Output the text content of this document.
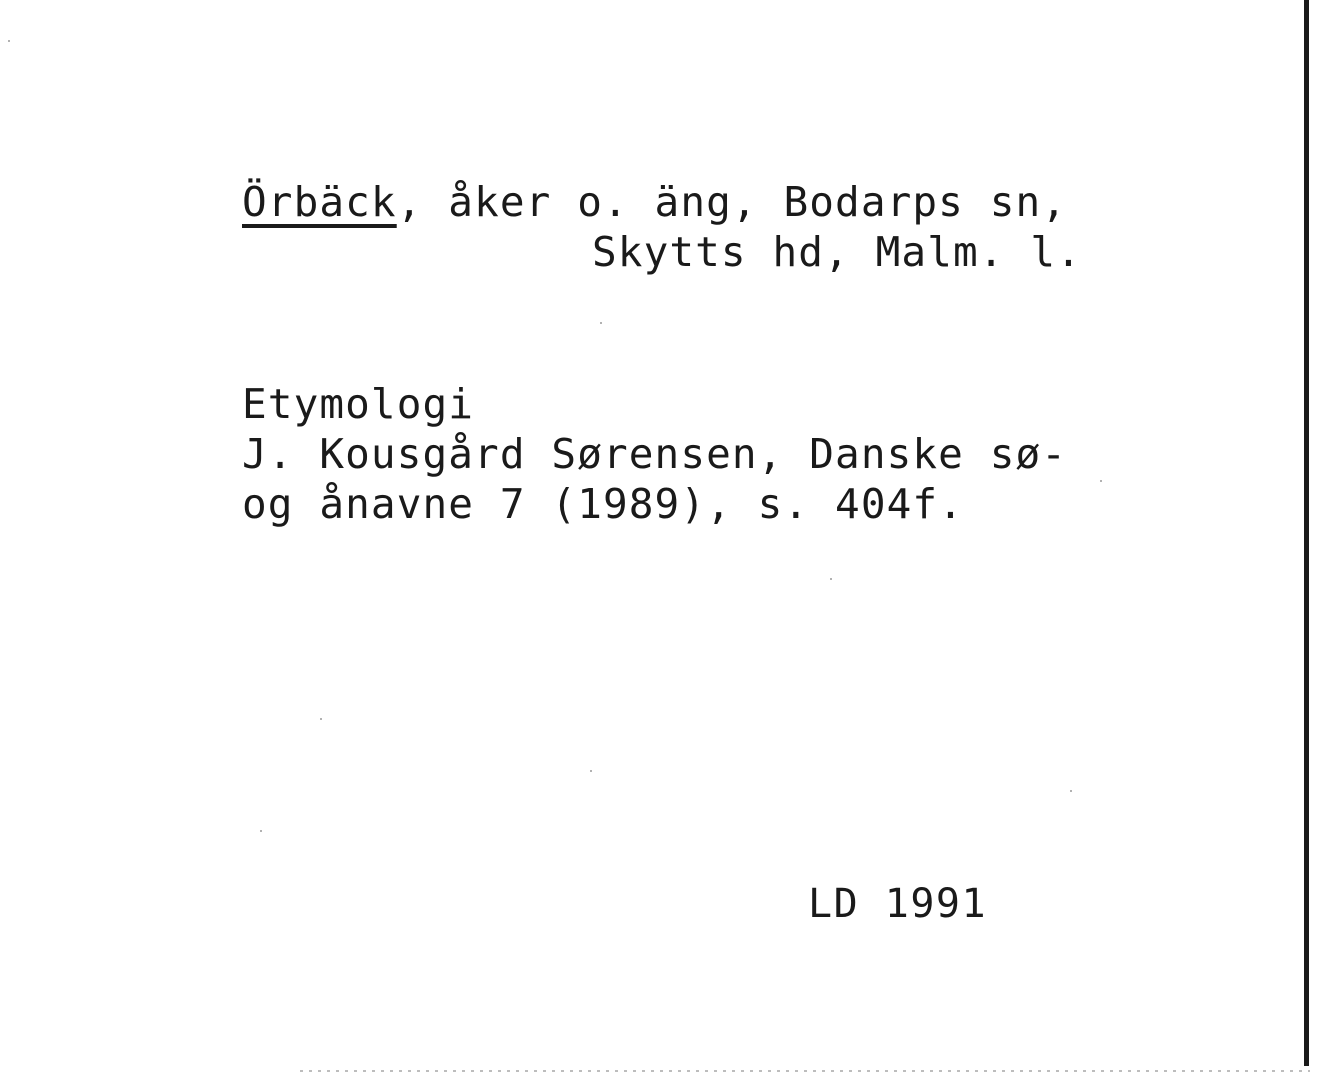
Örbäck, åker o. äng, Bodarps sn,
Skytts hd, Malm. l.
Etymologi
J. Kousgård Sørensen, Danske sø-
og ånavne 7 (1989), s. 404f.
LD 1991
